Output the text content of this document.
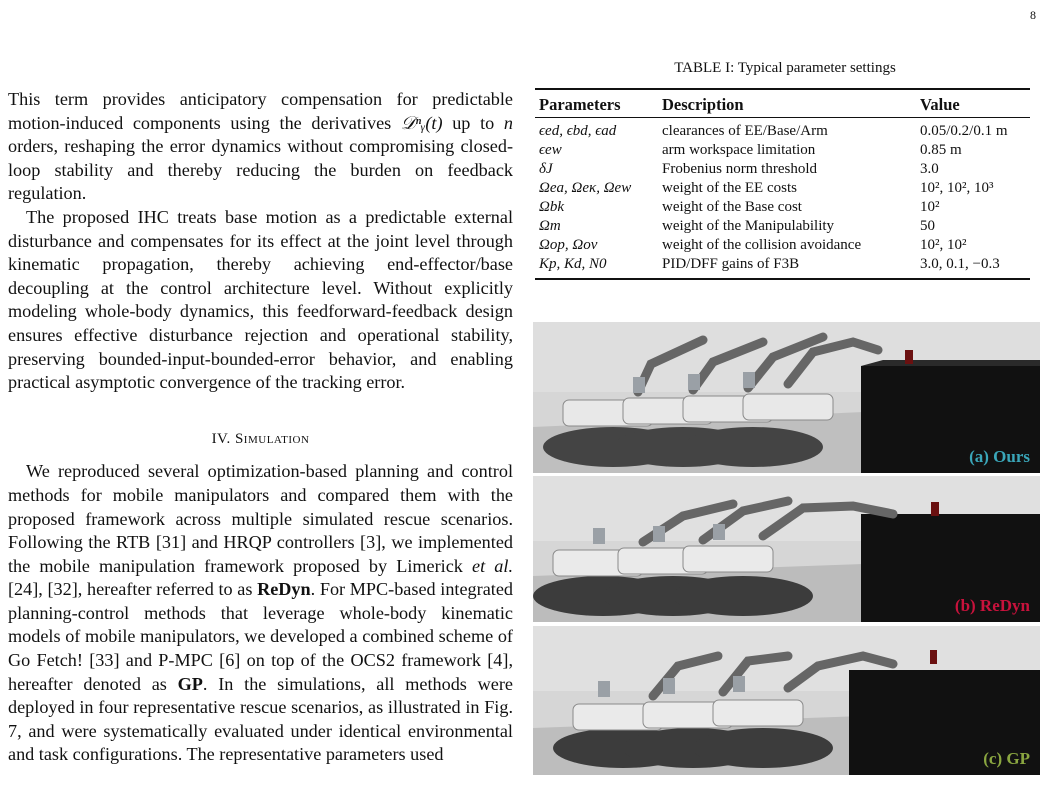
8

This term provides anticipatory compensation for predictable motion-induced components using the derivatives 𝒟ⁿᵧ(t) up to n orders, reshaping the error dynamics without compromising closed-loop stability and thereby reducing the burden on feedback regulation.

The proposed IHC treats base motion as a predictable external disturbance and compensates for its effect at the joint level through kinematic propagation, thereby achieving end-effector/base decoupling at the control architecture level. Without explicitly modeling whole-body dynamics, this feedforward-feedback design ensures effective disturbance rejection and operational stability, preserving bounded-input-bounded-error behavior, and enabling practical asymptotic convergence of the tracking error.

IV. Simulation

We reproduced several optimization-based planning and control methods for mobile manipulators and compared them with the proposed framework across multiple simulated rescue scenarios. Following the RTB [31] and HRQP controllers [3], we implemented the mobile manipulation framework proposed by Limerick et al. [24], [32], hereafter referred to as ReDyn. For MPC-based integrated planning-control methods that leverage whole-body kinematic models of mobile manipulators, we developed a combined scheme of Go Fetch! [33] and P-MPC [6] on top of the OCS2 framework [4], hereafter denoted as GP. In the simulations, all methods were deployed in four representative rescue scenarios, as illustrated in Fig. 7, and were systematically evaluated under identical environmental and task configurations. The representative parameters used

TABLE I: Typical parameter settings
Parameters	Description	Value
ϵed, ϵbd, ϵad	clearances of EE/Base/Arm	0.05/0.2/0.1 m
ϵew	arm workspace limitation	0.85 m
δJ	Frobenius norm threshold	3.0
Ωea, Ωeκ, Ωew	weight of the EE costs	10², 10², 10³
Ωbk	weight of the Base cost	10²
Ωm	weight of the Manipulability	50
Ωop, Ωov	weight of the collision avoidance	10², 10²
Kp, Kd, N0	PID/DFF gains of F3B	3.0, 0.1, −0.3
(a) Ours
(b) ReDyn
(c) GP
